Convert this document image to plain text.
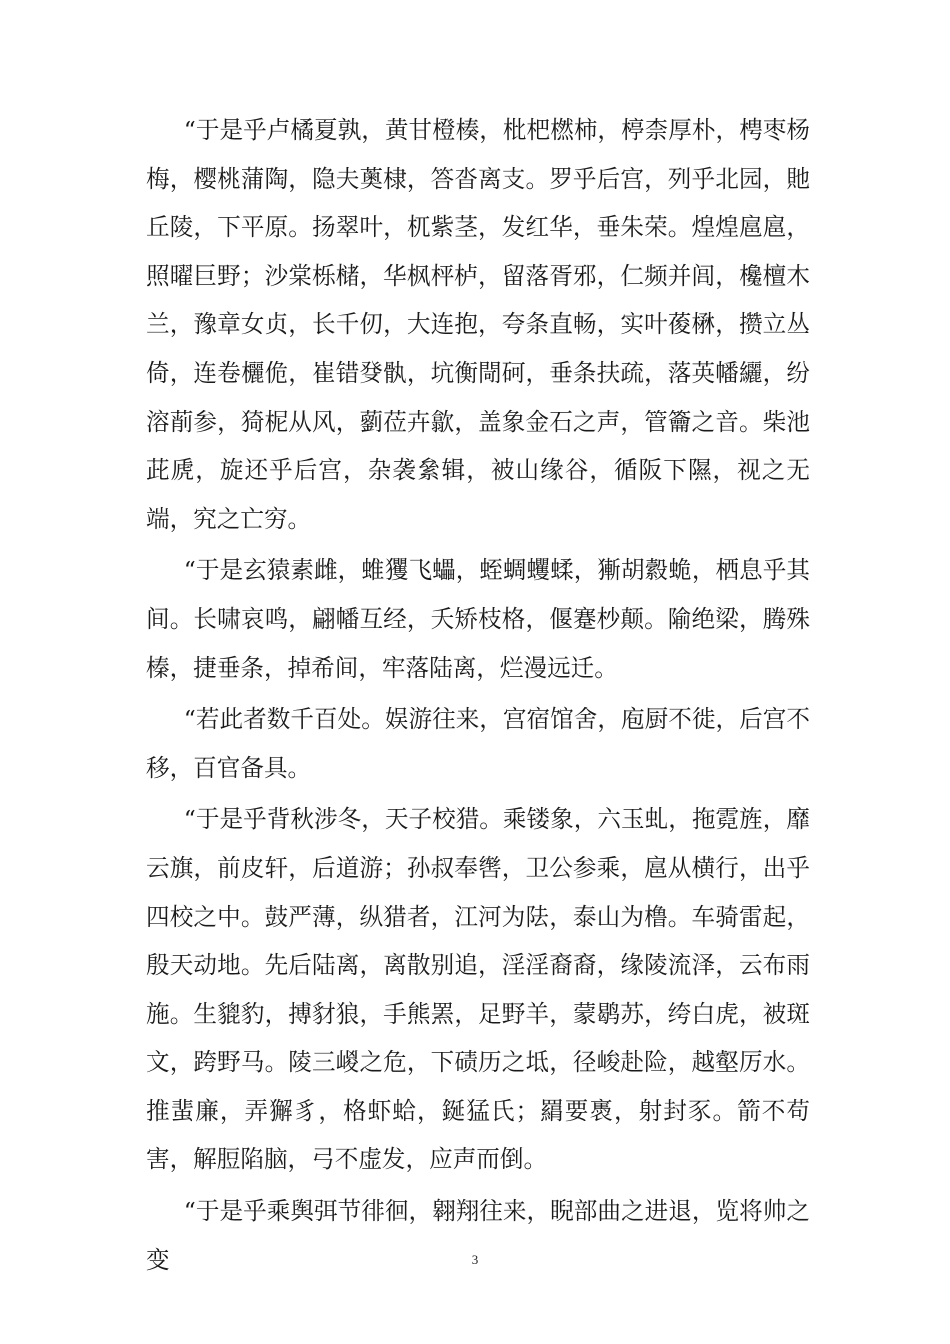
“于是乎卢橘夏孰，黄甘橙楱，枇杷橪柿，楟柰厚朴，梬枣杨梅，樱桃蒲陶，隐夫薁棣，答沓离支。罗乎后宫，列乎北园，貤丘陵，下平原。扬翠叶，杌紫茎，发红华，垂朱荣。煌煌扈扈，照曜巨野；沙棠栎槠，华枫枰栌，留落胥邪，仁频并闾，欃檀木兰，豫章女贞，长千仞，大连抱，夸条直畅，实叶葰楙，攒立丛倚，连卷欐佹，崔错癹骫，坑衡閜砢，垂条扶疏，落英幡纚，纷溶萷参，猗柅从风，藰莅卉歙，盖象金石之声，管籥之音。柴池茈虒，旋还乎后宫，杂袭絫辑，被山缘谷，循阪下隰，视之无端，究之亡穷。

“于是玄猿素雌，蜼玃飞蠝，蛭蜩蠼蝚，獑胡縠蛫，栖息乎其间。长啸哀鸣，翩幡互经，夭矫枝格，偃蹇杪颠。隃绝梁，腾殊榛，捷垂条，掉希间，牢落陆离，烂漫远迁。

“若此者数千百处。娱游往来，宫宿馆舍，庖厨不徙，后宫不移，百官备具。

“于是乎背秋涉冬，天子校猎。乘镂象，六玉虬，拖霓旌，靡云旗，前皮轩，后道游；孙叔奉辔，卫公参乘，扈从横行，出乎四校之中。鼓严薄，纵猎者，江河为阹，泰山为橹。车骑雷起，殷天动地。先后陆离，离散别追，淫淫裔裔，缘陵流泽，云布雨施。生貔豹，搏豺狼，手熊罴，足野羊，蒙鹖苏，绔白虎，被斑文，跨野马。陵三嵕之危，下碛历之坻，径峻赴险，越壑厉水。推蜚廉，弄獬豸，格虾蛤，鋋猛氏；羂要褭，射封豕。箭不苟害，解脰陷脑，弓不虚发，应声而倒。

“于是乎乘舆弭节徘徊，翱翔往来，睨部曲之进退，览将帅之变	3
